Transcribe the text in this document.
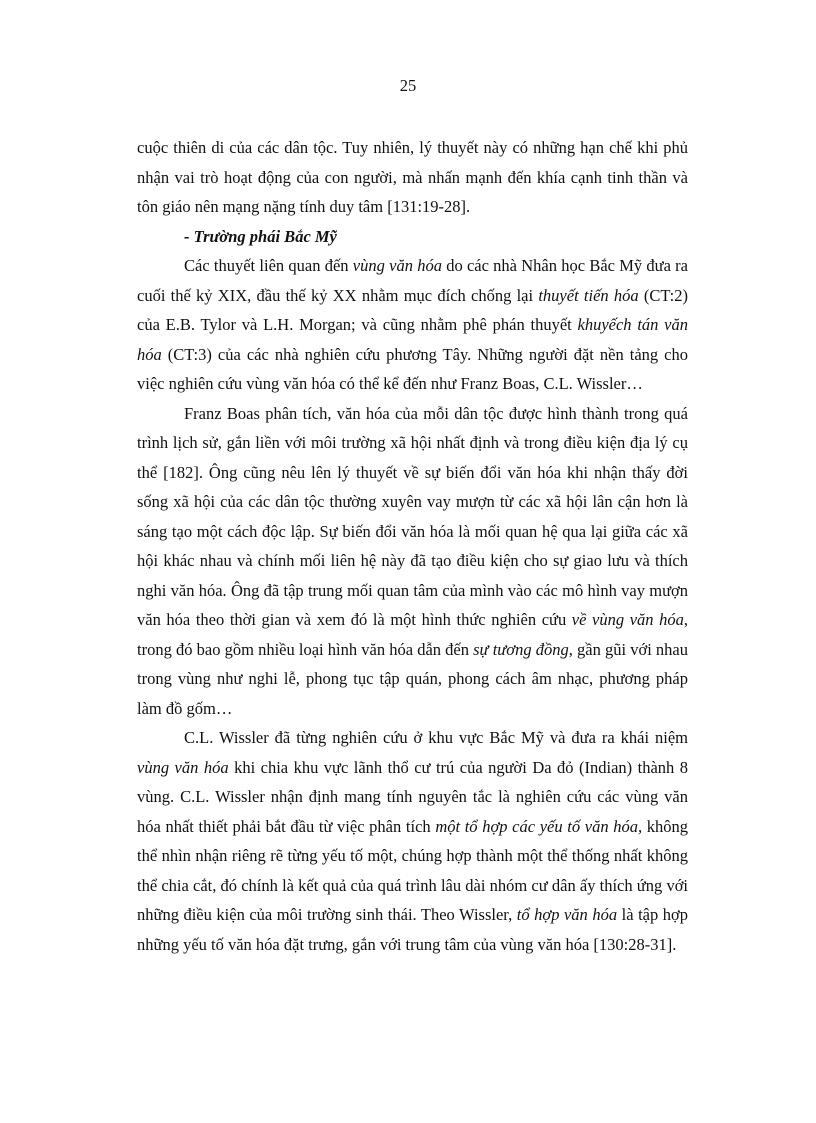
25

cuộc thiên di của các dân tộc. Tuy nhiên, lý thuyết này có những hạn chế khi phủ nhận vai trò hoạt động của con người, mà nhấn mạnh đến khía cạnh tinh thần và tôn giáo nên mạng nặng tính duy tâm [131:19-28].

- Trường phái Bắc Mỹ

Các thuyết liên quan đến vùng văn hóa do các nhà Nhân học Bắc Mỹ đưa ra cuối thế kỷ XIX, đầu thế kỷ XX nhằm mục đích chống lại thuyết tiến hóa (CT:2) của E.B. Tylor và L.H. Morgan; và cũng nhằm phê phán thuyết khuyếch tán văn hóa (CT:3) của các nhà nghiên cứu phương Tây. Những người đặt nền tảng cho việc nghiên cứu vùng văn hóa có thể kể đến như Franz Boas, C.L. Wissler…

Franz Boas phân tích, văn hóa của mỗi dân tộc được hình thành trong quá trình lịch sử, gắn liền với môi trường xã hội nhất định và trong điều kiện địa lý cụ thể [182]. Ông cũng nêu lên lý thuyết về sự biến đổi văn hóa khi nhận thấy đời sống xã hội của các dân tộc thường xuyên vay mượn từ các xã hội lân cận hơn là sáng tạo một cách độc lập. Sự biến đổi văn hóa là mối quan hệ qua lại giữa các xã hội khác nhau và chính mối liên hệ này đã tạo điều kiện cho sự giao lưu và thích nghi văn hóa. Ông đã tập trung mối quan tâm của mình vào các mô hình vay mượn văn hóa theo thời gian và xem đó là một hình thức nghiên cứu về vùng văn hóa, trong đó bao gồm nhiều loại hình văn hóa dẫn đến sự tương đồng, gần gũi với nhau trong vùng như nghi lễ, phong tục tập quán, phong cách âm nhạc, phương pháp làm đồ gốm…

C.L. Wissler đã từng nghiên cứu ở khu vực Bắc Mỹ và đưa ra khái niệm vùng văn hóa khi chia khu vực lãnh thổ cư trú của người Da đỏ (Indian) thành 8 vùng. C.L. Wissler nhận định mang tính nguyên tắc là nghiên cứu các vùng văn hóa nhất thiết phải bắt đầu từ việc phân tích một tổ hợp các yếu tố văn hóa, không thể nhìn nhận riêng rẽ từng yếu tố một, chúng hợp thành một thể thống nhất không thể chia cắt, đó chính là kết quả của quá trình lâu dài nhóm cư dân ấy thích ứng với những điều kiện của môi trường sinh thái. Theo Wissler, tổ hợp văn hóa là tập hợp những yếu tố văn hóa đặt trưng, gắn với trung tâm của vùng văn hóa [130:28-31].
